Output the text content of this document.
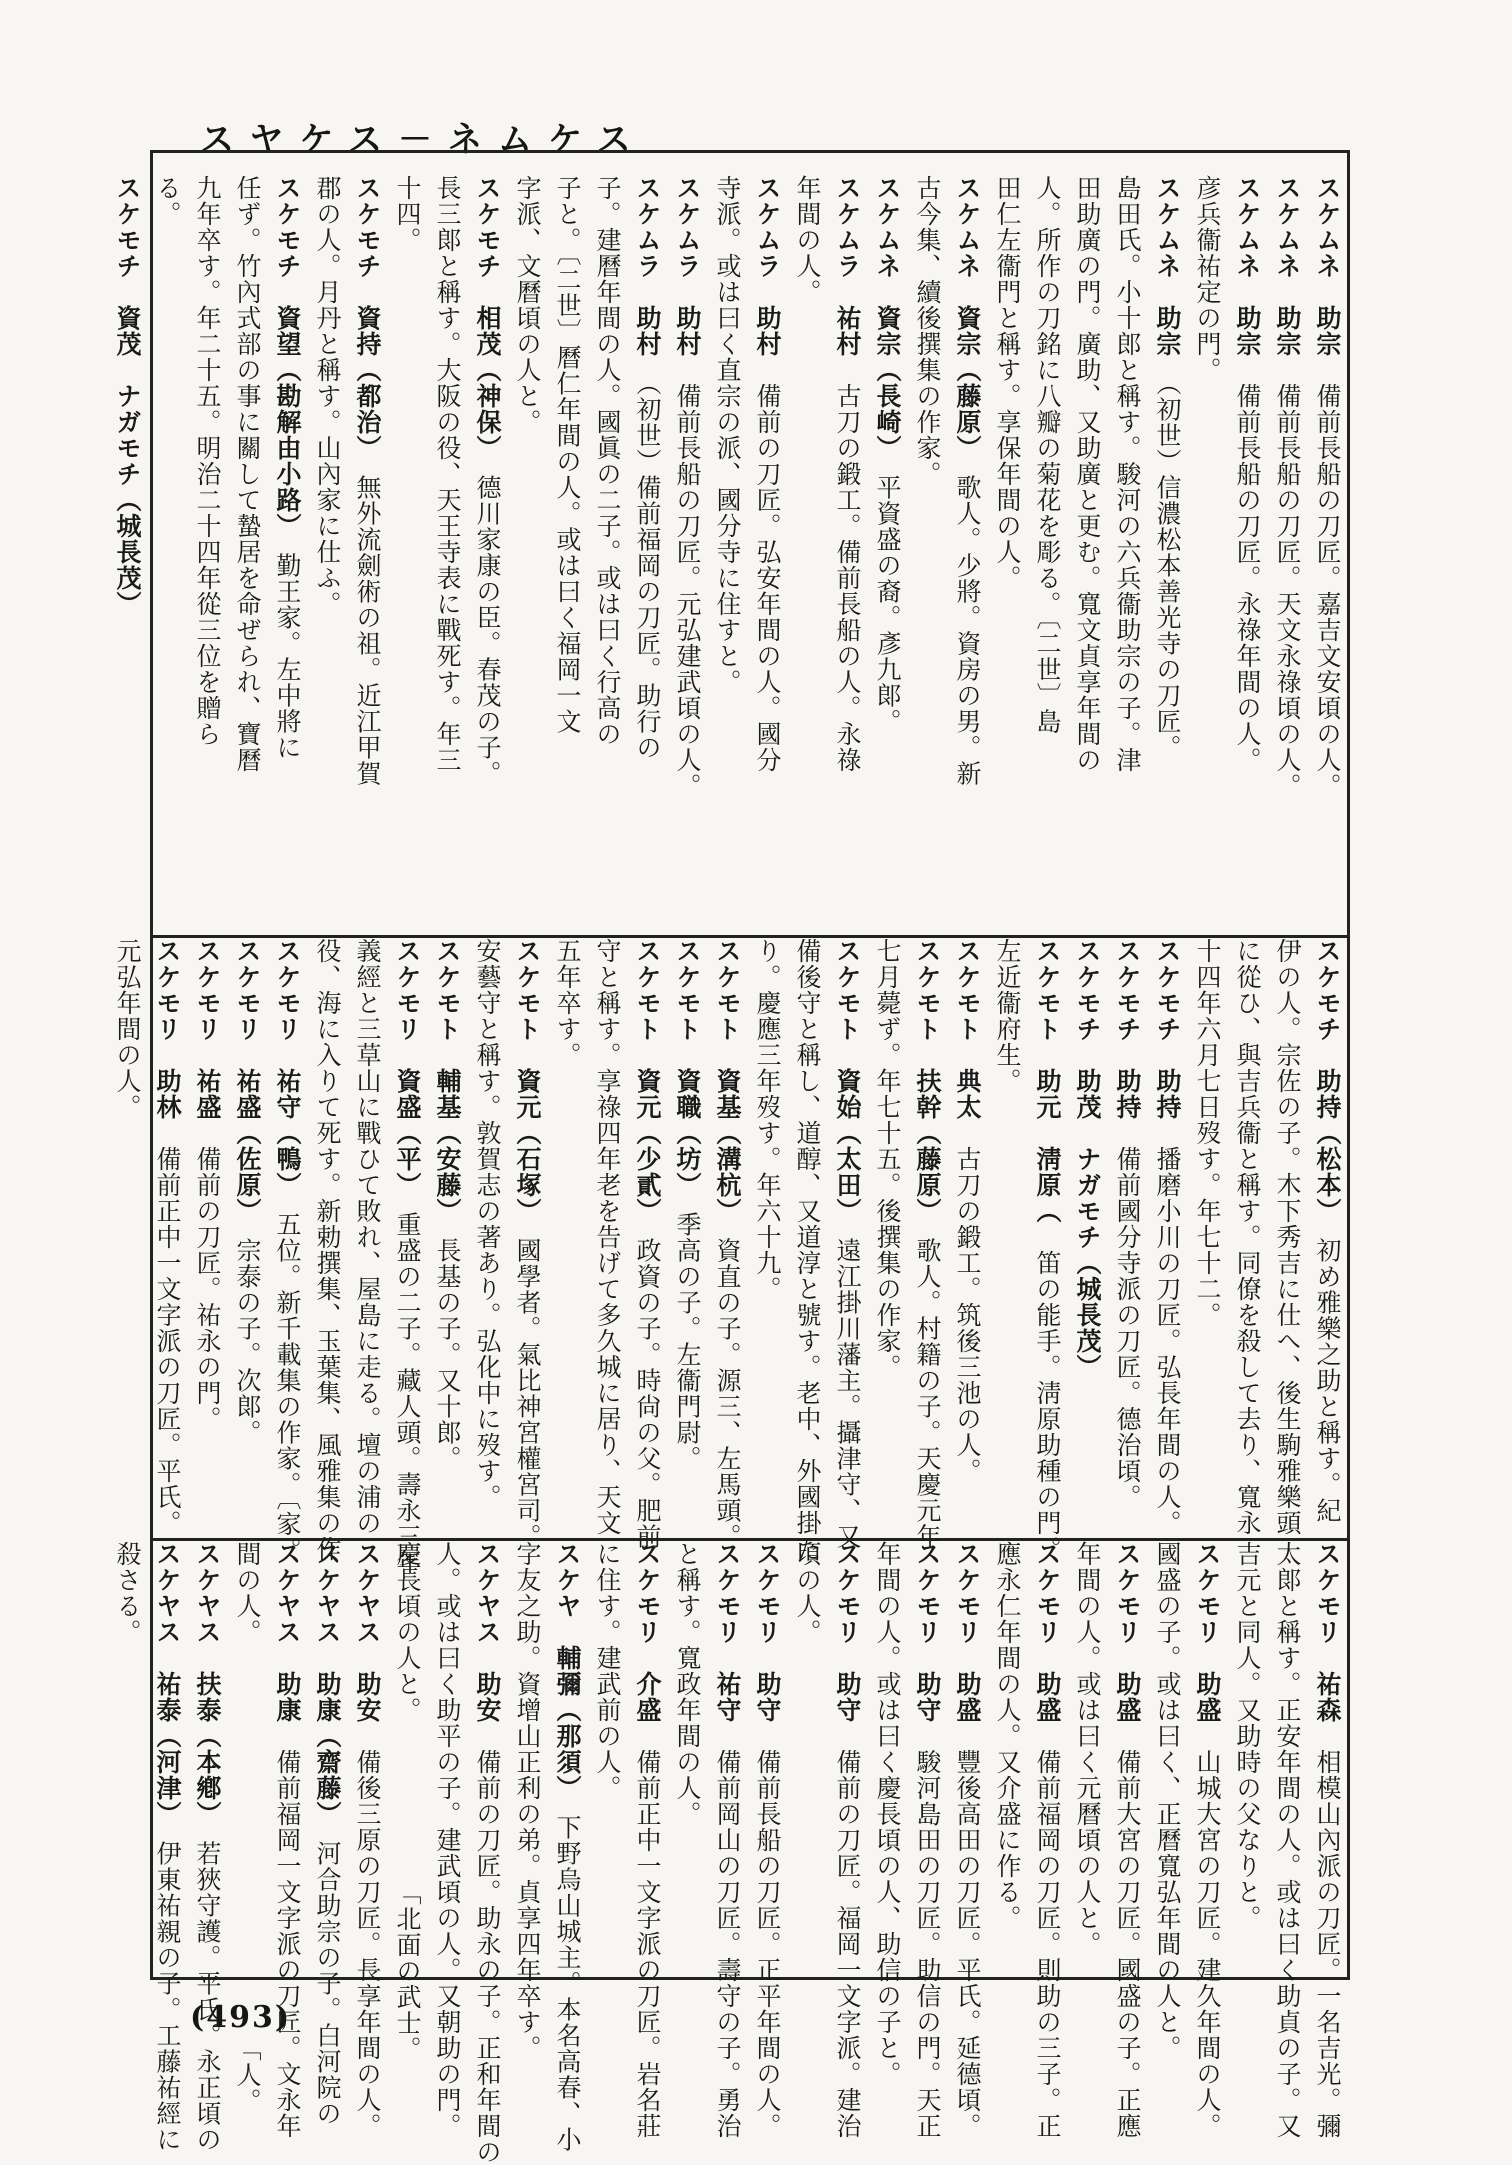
スヤケス－ネムケス

スケムネ　助宗　備前長船の刀匠。嘉吉文安頃の人。

スケムネ　助宗　備前長船の刀匠。天文永祿頃の人。

スケムネ　助宗　備前長船の刀匠。永祿年間の人。

彦兵衞祐定の門。

スケムネ　助宗　（初世）信濃松本善光寺の刀匠。

島田氏。小十郎と稱す。駿河の六兵衞助宗の子。津

田助廣の門。廣助、又助廣と更む。寬文貞享年間の

人。所作の刀銘に八瓣の菊花を彫る。〔二世〕島

田仁左衞門と稱す。享保年間の人。

スケムネ　資宗（藤原）　歌人。少將。資房の男。新

古今集、續後撰集の作家。

スケムネ　資宗（長崎）　平資盛の裔。彥九郞。

スケムラ　祐村　古刀の鍛工。備前長船の人。永祿

年間の人。

スケムラ　助村　備前の刀匠。弘安年間の人。國分

寺派。或は曰く直宗の派、國分寺に住すと。

スケムラ　助村　備前長船の刀匠。元弘建武頃の人。

スケムラ　助村　（初世）備前福岡の刀匠。助行の

子。建曆年間の人。國眞の二子。或は曰く行高の

子と。〔二世〕曆仁年間の人。或は曰く福岡一文

字派、文曆頃の人と。

スケモチ　相茂（神保）　德川家康の臣。春茂の子。

長三郞と稱す。大阪の役、天王寺表に戰死す。年三

十四。

スケモチ　資持（都治）　無外流劍術の祖。近江甲賀

郡の人。月丹と稱す。山內家に仕ふ。

スケモチ　資望（勘解由小路）　勤王家。左中將に

任ず。竹內式部の事に關して蟄居を命ぜられ、寶曆

九年卒す。年二十五。明治二十四年從三位を贈ら

る。

スケモチ　資茂　ナガモチ（城長茂）　

スケモチ　助持（松本）　初め雅樂之助と稱す。紀

伊の人。宗佐の子。木下秀吉に仕へ、後生駒雅樂頭

に從ひ、與吉兵衞と稱す。同僚を殺して去り、寬永

十四年六月七日歿す。年七十二。

スケモチ　助持　播磨小川の刀匠。弘長年間の人。

スケモチ　助持　備前國分寺派の刀匠。德治頃。

スケモチ　助茂　ナガモチ（城長茂）　

スケモト　助元　淸原（　笛の能手。淸原助種の門。

左近衞府生。

スケモト　典太　古刀の鍛工。筑後三池の人。

スケモト　扶幹（藤原）　歌人。村籍の子。天慶元年

七月薨ず。年七十五。後撰集の作家。

スケモト　資始（太田）　遠江掛川藩主。攝津守、又

備後守と稱し、道醇、又道淳と號す。老中、外國掛た

り。慶應三年歿す。年六十九。

スケモト　資基（溝杭）　資直の子。源三、左馬頭。

スケモト　資職（坊）　季高の子。左衞門尉。

スケモト　資元（少貳）　政資の子。時尙の父。肥前

守と稱す。享祿四年老を告げて多久城に居り、天文

五年卒す。

スケモト　資元（石塚）　國學者。氣比神宮權宮司。

安藝守と稱す。敦賀志の著あり。弘化中に歿す。

スケモト　輔基（安藤）　長基の子。又十郎。

スケモリ　資盛（平）　重盛の二子。藏人頭。壽永三年

義經と三草山に戰ひて敗れ、屋島に走る。壇の浦の

役、海に入りて死す。新勅撰集、玉葉集、風雅集の作

スケモリ　祐守（鴨）　五位。新千載集の作家。〔家。

スケモリ　祐盛（佐原）　宗泰の子。次郞。

スケモリ　祐盛　備前の刀匠。祐永の門。

スケモリ　助林　備前正中一文字派の刀匠。平氏。

元弘年間の人。

スケモリ　祐森　相模山內派の刀匠。一名吉光。彌

太郞と稱す。正安年間の人。或は曰く助貞の子。又

吉元と同人。又助時の父なりと。

スケモリ　助盛　山城大宮の刀匠。建久年間の人。

國盛の子。或は曰く、正曆寬弘年間の人と。

スケモリ　助盛　備前大宮の刀匠。國盛の子。正應

年間の人。或は曰く元曆頃の人と。

スケモリ　助盛　備前福岡の刀匠。則助の三子。正

應永仁年間の人。又介盛に作る。

スケモリ　助盛　豐後高田の刀匠。平氏。延德頃。

スケモリ　助守　駿河島田の刀匠。助信の門。天正

年間の人。或は曰く慶長頃の人、助信の子と。

スケモリ　助守　備前の刀匠。福岡一文字派。建治

頃の人。

スケモリ　助守　備前長船の刀匠。正平年間の人。

スケモリ　祐守　備前岡山の刀匠。壽守の子。勇治

と稱す。寬政年間の人。

スケモリ　介盛　備前正中一文字派の刀匠。岩名莊

に住す。建武前の人。

スケヤ　輔彌（那須）　下野烏山城主。本名高春、小

字友之助。資增山正利の弟。貞享四年卒す。

スケヤス　助安　備前の刀匠。助永の子。正和年間の

人。或は曰く助平の子。建武頃の人。又朝助の門。

慶長頃の人と。　　　　　　　「北面の武士。

スケヤス　助安　備後三原の刀匠。長享年間の人。

スケヤス　助康（齋藤）　河合助宗の子。白河院の

スケヤス　助康　備前福岡一文字派の刀匠。文永年

間の人。　　　　　　　　　　　　　　　　「人。

スケヤス　扶泰（本鄕）　若狹守護。平氏。永正頃の

スケヤス　祐泰（河津）　伊東祐親の子。工藤祐經に

殺さる。

(493)
